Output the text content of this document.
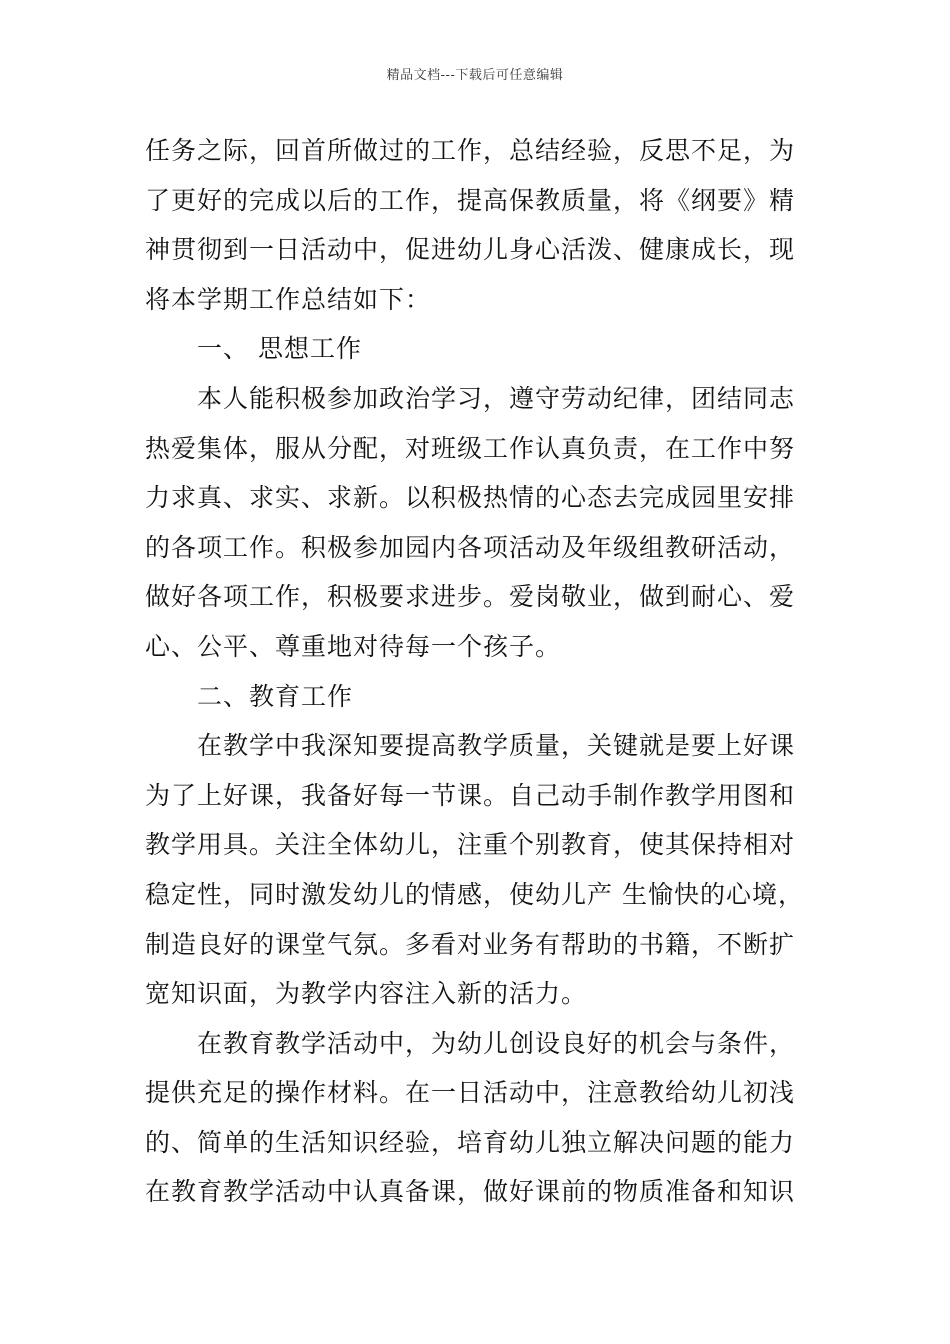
精品文档---下载后可任意编辑
任务之际，回首所做过的工作，总结经验，反思不足，为
了更好的完成以后的工作，提高保教质量，将《纲要》精
神贯彻到一日活动中，促进幼儿身心活泼、健康成长，现
将本学期工作总结如下：
一、 思想工作
本人能积极参加政治学习，遵守劳动纪律，团结同志
热爱集体，服从分配，对班级工作认真负责，在工作中努
力求真、求实、求新。以积极热情的心态去完成园里安排
的各项工作。积极参加园内各项活动及年级组教研活动，
做好各项工作，积极要求进步。爱岗敬业，做到耐心、爱
心、公平、尊重地对待每一个孩子。
二、教育工作
在教学中我深知要提高教学质量，关键就是要上好课
为了上好课，我备好每一节课。自己动手制作教学用图和
教学用具。关注全体幼儿，注重个别教育，使其保持相对
稳定性，同时激发幼儿的情感，使幼儿产 生愉快的心境，
制造良好的课堂气氛。多看对业务有帮助的书籍，不断扩
宽知识面，为教学内容注入新的活力。
在教育教学活动中，为幼儿创设良好的机会与条件，
提供充足的操作材料。在一日活动中，注意教给幼儿初浅
的、简单的生活知识经验，培育幼儿独立解决问题的能力
在教育教学活动中认真备课，做好课前的物质准备和知识
